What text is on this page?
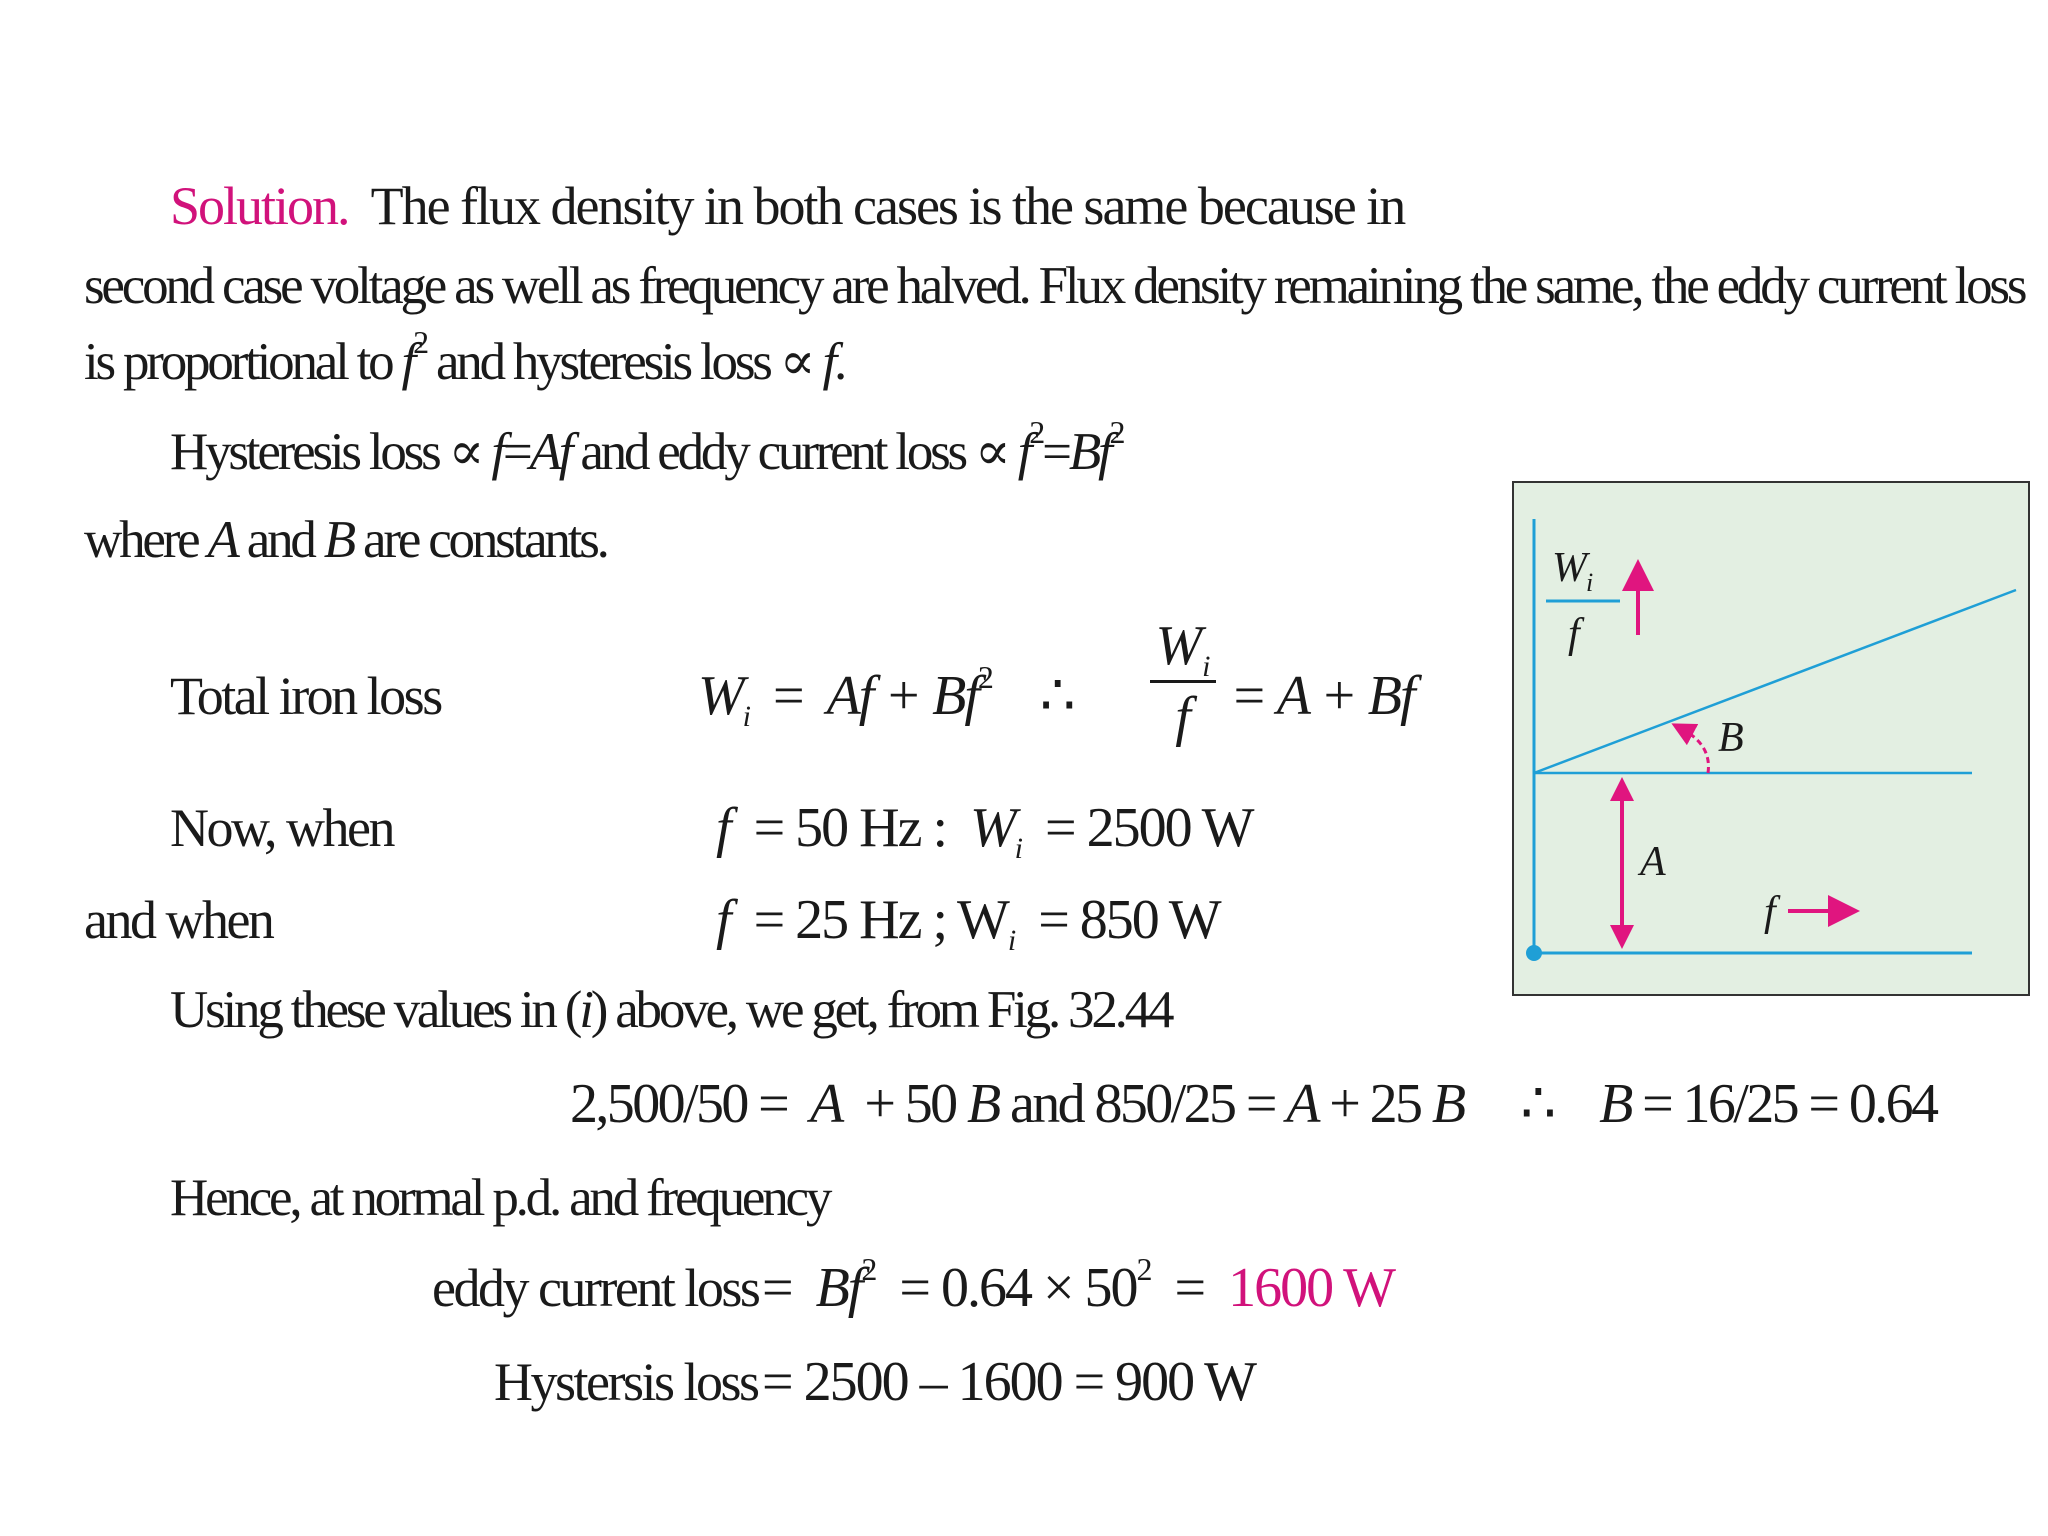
Solution. The flux density in both cases is the same because in
second case voltage as well as frequency are halved. Flux density remaining the same, the eddy current loss
is proportional to $f^2$ and hysteresis loss ∝ f.
Hysteresis loss ∝ f=Af and eddy current loss ∝ $f^2=Bf^2$
where A and B are constants.
Total iron loss	$W_i = Af + Bf^2$ ∴
$W_i$
f = A + Bf
Now, when	f = 50 Hz : $W_i = 2500$ W
and when	f = 25 Hz ; $W_i = 850$ W
Using these values in (i) above, we get, from Fig. 32.44
2,500/50 = A + 50 B and 850/25 = A + 25 B ∴ B = 16/25 = 0.64
Hence, at normal p.d. and frequency
eddy current loss = $Bf^2 = 0.64 \times 50^2 = 1600$ W
Hystersis loss = 2500 – 1600 = 900 W
W i
f
B
A
f
